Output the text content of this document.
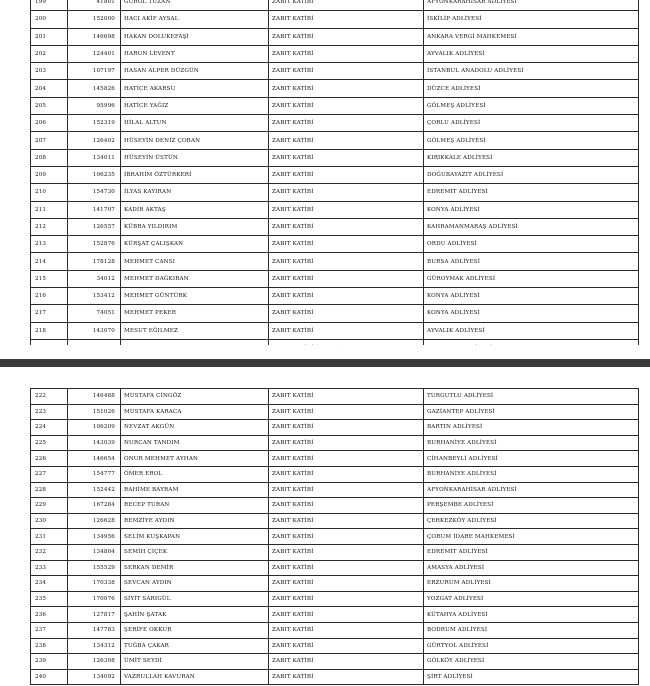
199	41801	GÜROL TUZAN	ZABIT KATİBİ	AFYONKARAHİSAR ADLİYESİ
200	152000	HACI AKİF AYSAL	ZABIT KATİBİ	İSKİLİP ADLİYESİ
201	146698	HAKAN DOLUKEFAŞİ	ZABIT KATİBİ	ANKARA VERGİ MAHKEMESİ
202	124401	HARUN LEVENT	ZABIT KATİBİ	AYVALIK ADLİYESİ
203	107197	HASAN ALPER DÜZGÜN	ZABIT KATİBİ	İSTANBUL ANADOLU ADLİYESİ
204	145826	HATİCE AKARSU	ZABIT KATİBİ	DÜZCE ADLİYESİ
205	95996	HATİCE YAĞIZ	ZABIT KATİBİ	GÖLMEŞ ADLİYESİ
206	152319	HİLAL ALTUN	ZABIT KATİBİ	ÇORLU ADLİYESİ
207	126402	HÜSEYİN DENİZ ÇOBAN	ZABIT KATİBİ	GÖLMEŞ ADLİYESİ
208	134011	HÜSEYİN ÜSTÜN	ZABIT KATİBİ	KIRIKKALE ADLİYESİ
209	106235	İBRAHİM ÖZTÜRKERİ	ZABIT KATİBİ	DOĞUBAYAZIT ADLİYESİ
210	154730	İLYAS KAYIRAN	ZABIT KATİBİ	EDREMİT ADLİYESİ
211	141707	KADİR AKTAŞ	ZABIT KATİBİ	KONYA ADLİYESİ
212	126557	KÜBRA YILDIRIM	ZABIT KATİBİ	KAHRAMANMARAŞ ADLİYESİ
213	152876	KÜRŞAT ÇALIŞKAN	ZABIT KATİBİ	ORDU ADLİYESİ
214	178128	MEHMET CANSI	ZABIT KATİBİ	BURSA ADLİYESİ
215	34012	MEHMET DAĞKIRAN	ZABIT KATİBİ	GÜROYMAK ADLİYESİ
216	153412	MEHMET GÜNTÜRK	ZABIT KATİBİ	KONYA ADLİYESİ
217	74051	MEHMET PEKER	ZABIT KATİBİ	KONYA ADLİYESİ
218	143070	MESUT EĞILMEZ	ZABIT KATİBİ	AYVALIK ADLİYESİ

222	146488	MUSTAFA CİNGÖZ	ZABIT KATİBİ	TURGUTLU ADLİYESİ
223	151026	MUSTAFA KARACA	ZABIT KATİBİ	GAZİANTEP ADLİYESİ
224	106209	NEVZAT AKGÜN	ZABIT KATİBİ	BARTIN ADLİYESİ
225	143039	NURCAN TANDIM	ZABIT KATİBİ	BURHANİYE ADLİYESİ
226	146654	ONUR MEHMET AYHAN	ZABIT KATİBİ	CİHANBEYLİ ADLİYESİ
227	154777	ÖMER EROL	ZABIT KATİBİ	BURHANİYE ADLİYESİ
228	152442	RAHİME BAYRAM	ZABIT KATİBİ	AFYONKARAHİSAR ADLİYESİ
229	167284	RECEP TURAN	ZABIT KATİBİ	PERŞEMBE ADLİYESİ
230	126628	REMZİYE AYDIN	ZABIT KATİBİ	ÇERKEZKÖY ADLİYESİ
231	134956	SELİM KUŞKAPAN	ZABIT KATİBİ	ÇORUM İDARE MAHKEMESİ
232	134804	SEMİH ÇİÇEK	ZABIT KATİBİ	EDREMİT ADLİYESİ
233	155529	SERKAN DEMİR	ZABIT KATİBİ	AMASYA ADLİYESİ
234	170338	SEVCAN AYDIN	ZABIT KATİBİ	ERZURUM ADLİYESİ
235	170076	SİYİT SARIGÜL	ZABIT KATİBİ	YOZGAT ADLİYESİ
236	127817	ŞAHİN ŞATAK	ZABIT KATİBİ	KÜTAHYA ADLİYESİ
237	147783	ŞERİFE OKKUR	ZABIT KATİBİ	BODRUM ADLİYESİ
238	134312	TUĞBA ÇAKAR	ZABIT KATİBİ	GÜRTYOL ADLİYESİ
239	126308	ÜMİT SEYDİ	ZABIT KATİBİ	GÖLKÖY ADLİYESİ
240	134092	VAZRULLAH KAVURAN	ZABIT KATİBİ	ŞİRT ADLİYESİ
